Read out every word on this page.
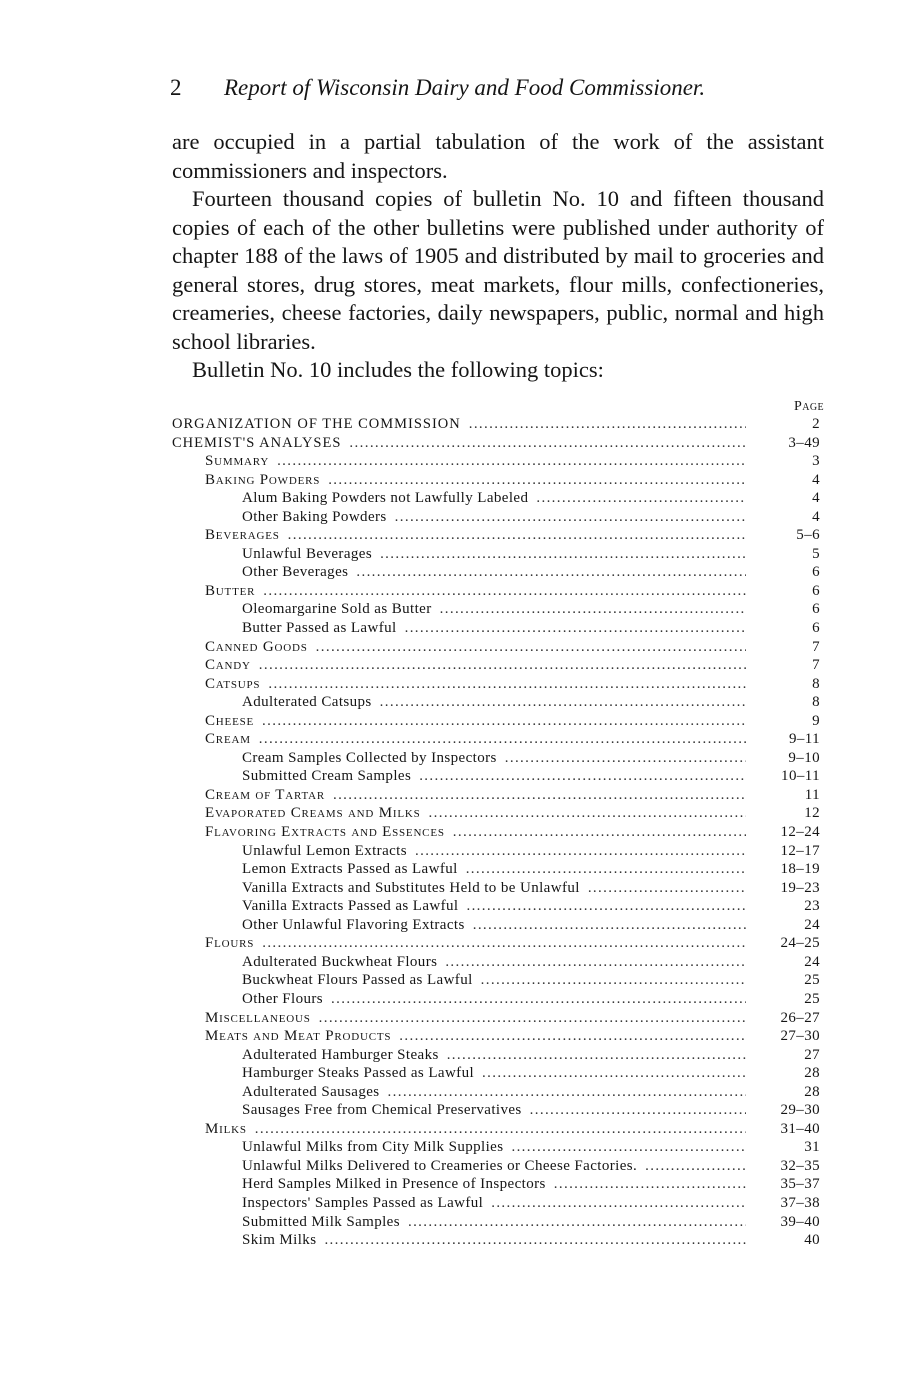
2 Report of Wisconsin Dairy and Food Commissioner.

are occupied in a partial tabulation of the work of the assistant commissioners and inspectors.

Fourteen thousand copies of bulletin No. 10 and fifteen thousand copies of each of the other bulletins were published under authority of chapter 188 of the laws of 1905 and distributed by mail to groceries and general stores, drug stores, meat markets, flour mills, confectioneries, creameries, cheese factories, daily newspapers, public, normal and high school libraries.

Bulletin No. 10 includes the following topics:

Page
ORGANIZATION OF THE COMMISSION . . .	2
CHEMIST'S ANALYSES . . .	3–49
Summary . . .	3
Baking Powders . . .	4
Alum Baking Powders not Lawfully Labeled . . .	4
Other Baking Powders . . .	4
Beverages . . .	5–6
Unlawful Beverages . . .	5
Other Beverages . . .	6
Butter . . .	6
Oleomargarine Sold as Butter . . .	6
Butter Passed as Lawful . . .	6
Canned Goods . . .	7
Candy . . .	7
Catsups . . .	8
Adulterated Catsups . . .	8
Cheese . . .	9
Cream . . .	9–11
Cream Samples Collected by Inspectors . . .	9–10
Submitted Cream Samples . . .	10–11
Cream of Tartar . . .	11
Evaporated Creams and Milks . . .	12
Flavoring Extracts and Essences . . .	12–24
Unlawful Lemon Extracts . . .	12–17
Lemon Extracts Passed as Lawful . . .	18–19
Vanilla Extracts and Substitutes Held to be Unlawful . . .	19–23
Vanilla Extracts Passed as Lawful . . .	23
Other Unlawful Flavoring Extracts . . .	24
Flours . . .	24–25
Adulterated Buckwheat Flours . . .	24
Buckwheat Flours Passed as Lawful . . .	25
Other Flours . . .	25
Miscellaneous . . .	26–27
Meats and Meat Products . . .	27–30
Adulterated Hamburger Steaks . . .	27
Hamburger Steaks Passed as Lawful . . .	28
Adulterated Sausages . . .	28
Sausages Free from Chemical Preservatives . . .	29–30
Milks . . .	31–40
Unlawful Milks from City Milk Supplies . . .	31
Unlawful Milks Delivered to Creameries or Cheese Factories. . . .	32–35
Herd Samples Milked in Presence of Inspectors . . .	35–37
Inspectors' Samples Passed as Lawful . . .	37–38
Submitted Milk Samples . . .	39–40
Skim Milks . . .	40
